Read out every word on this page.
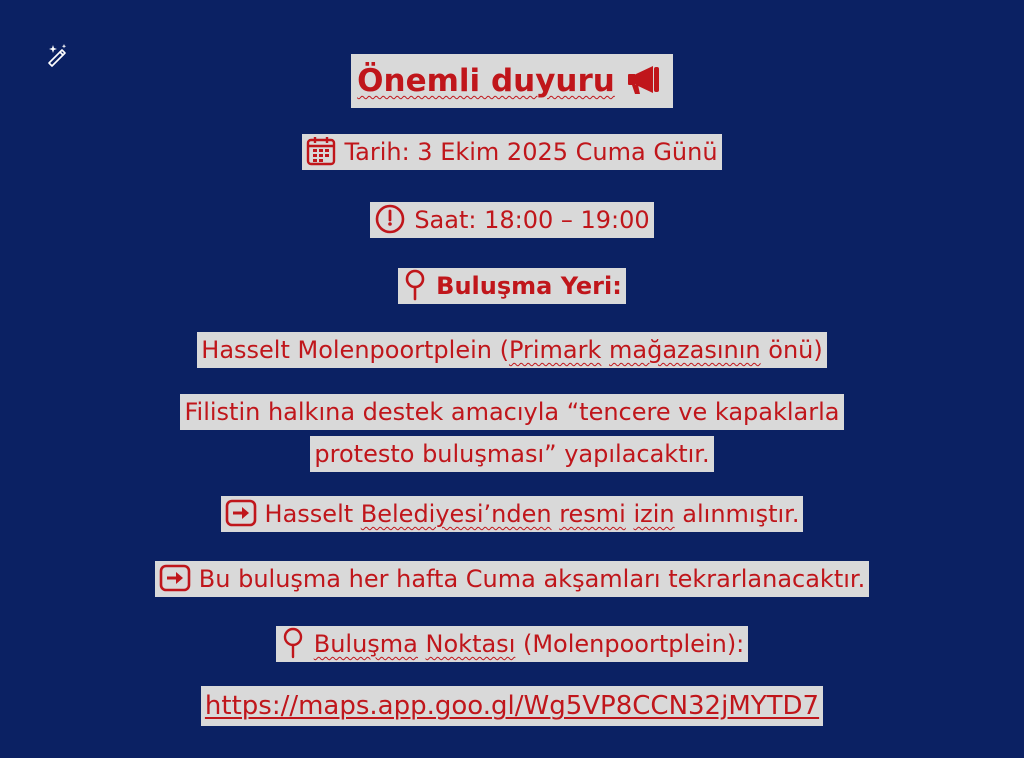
Önemli duyuru
Tarih: 3 Ekim 2025 Cuma Günü
Saat: 18:00 – 19:00
Buluşma Yeri:
Hasselt Molenpoortplein (Primark mağazasının önü)
Filistin halkına destek amacıyla “tencere ve kapaklarla
protesto buluşması” yapılacaktır.
Hasselt Belediyesi’nden resmi izin alınmıştır.
Bu buluşma her hafta Cuma akşamları tekrarlanacaktır.
Buluşma Noktası (Molenpoortplein):
https://maps.app.goo.gl/Wg5VP8CCN32jMYTD7
